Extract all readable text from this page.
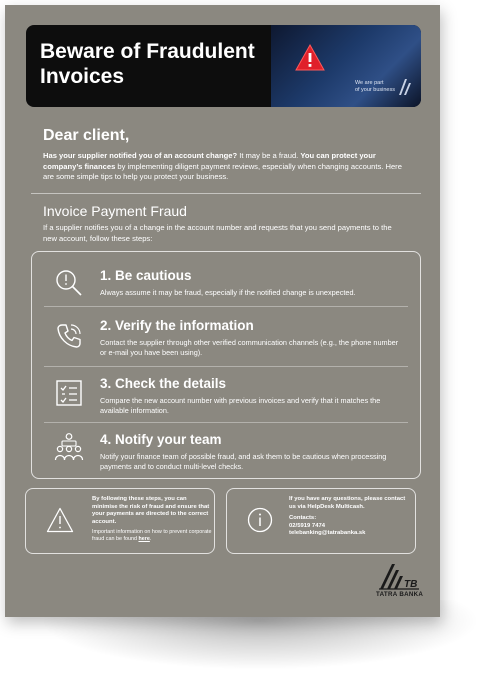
Beware of Fraudulent Invoices	We are part
of your business
Dear client,
Has your supplier notified you of an account change? It may be a fraud. You can protect your company’s finances by implementing diligent payment reviews, especially when changing accounts. Here are some simple tips to help you protect your business.
Invoice Payment Fraud
If a supplier notifies you of a change in the account number and requests that you send payments to the new account, follow these steps:
1. Be cautious
Always assume it may be fraud, especially if the notified change is unexpected.
2. Verify the information
Contact the supplier through other verified communication channels (e.g., the phone number or e-mail you have been using).
3. Check the details
Compare the new account number with previous invoices and verify that it matches the available information.
4. Notify your team
Notify your finance team of possible fraud, and ask them to be cautious when processing payments and to conduct multi-level checks.
By following these steps, you can minimise the risk of fraud and ensure that your payments are directed to the correct account.
Important information on how to prevent corporate fraud can be found here.
If you have any questions, please contact us via HelpDesk Multicash.
Contacts:
02/5919 7474
telebanking@tatrabanka.sk
TB
TATRA BANKA
